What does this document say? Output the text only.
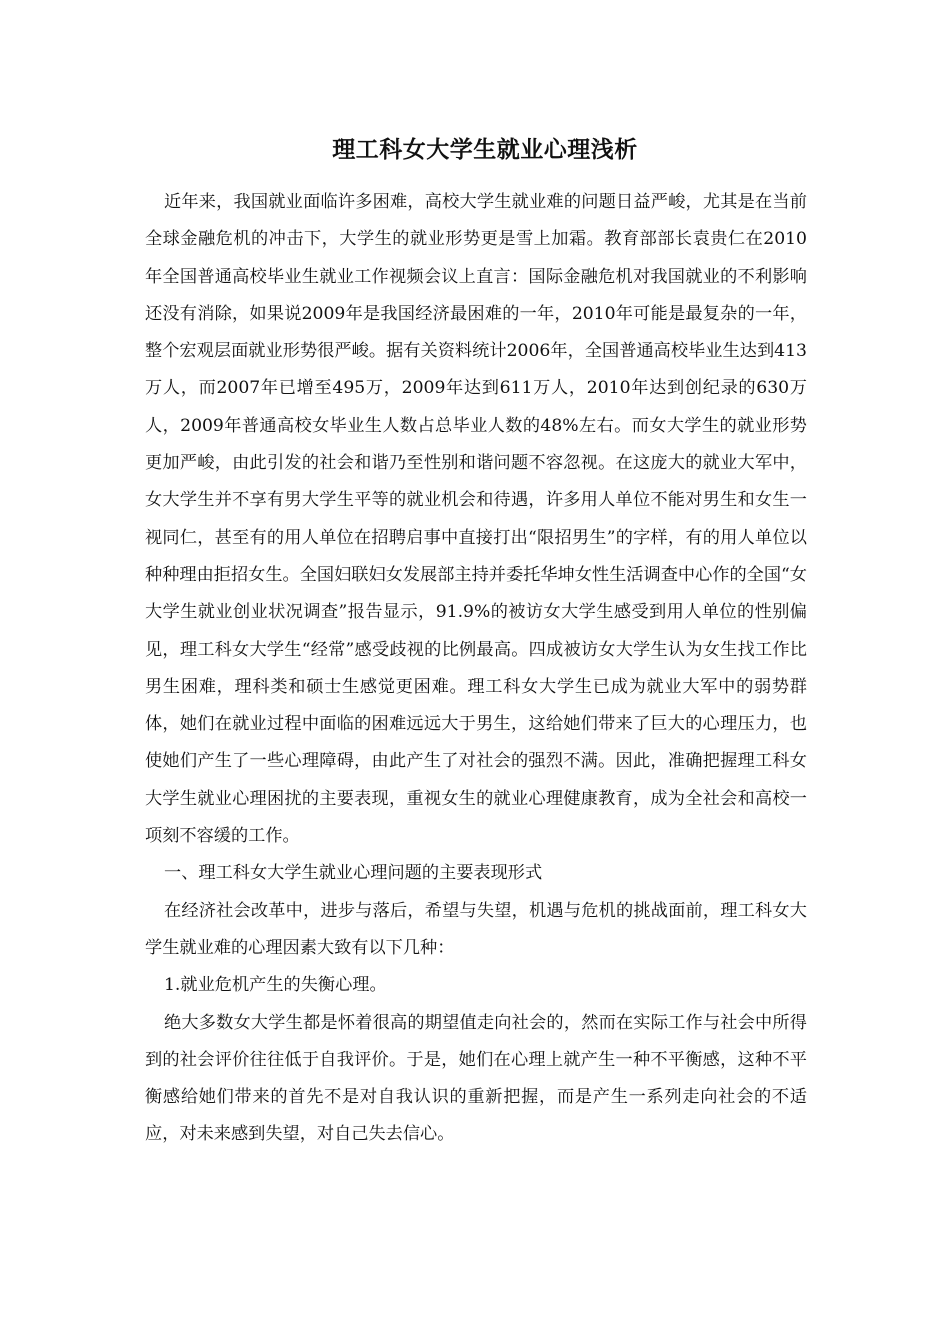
理工科女大学生就业心理浅析

近年来，我国就业面临许多困难，高校大学生就业难的问题日益严峻，尤其是在当前全球金融危机的冲击下，大学生的就业形势更是雪上加霜。教育部部长袁贵仁在2010年全国普通高校毕业生就业工作视频会议上直言：国际金融危机对我国就业的不利影响还没有消除，如果说2009年是我国经济最困难的一年，2010年可能是最复杂的一年，整个宏观层面就业形势很严峻。据有关资料统计2006年，全国普通高校毕业生达到413万人，而2007年已增至495万，2009年达到611万人，2010年达到创纪录的630万人，2009年普通高校女毕业生人数占总毕业人数的48%左右。而女大学生的就业形势更加严峻，由此引发的社会和谐乃至性别和谐问题不容忽视。在这庞大的就业大军中，女大学生并不享有男大学生平等的就业机会和待遇，许多用人单位不能对男生和女生一视同仁，甚至有的用人单位在招聘启事中直接打出“限招男生”的字样，有的用人单位以种种理由拒招女生。全国妇联妇女发展部主持并委托华坤女性生活调查中心作的全国“女大学生就业创业状况调查”报告显示，91.9%的被访女大学生感受到用人单位的性别偏见，理工科女大学生“经常”感受歧视的比例最高。四成被访女大学生认为女生找工作比男生困难，理科类和硕士生感觉更困难。理工科女大学生已成为就业大军中的弱势群体，她们在就业过程中面临的困难远远大于男生，这给她们带来了巨大的心理压力，也使她们产生了一些心理障碍，由此产生了对社会的强烈不满。因此，准确把握理工科女大学生就业心理困扰的主要表现，重视女生的就业心理健康教育，成为全社会和高校一项刻不容缓的工作。

一、理工科女大学生就业心理问题的主要表现形式

在经济社会改革中，进步与落后，希望与失望，机遇与危机的挑战面前，理工科女大学生就业难的心理因素大致有以下几种：

1.就业危机产生的失衡心理。

绝大多数女大学生都是怀着很高的期望值走向社会的，然而在实际工作与社会中所得到的社会评价往往低于自我评价。于是，她们在心理上就产生一种不平衡感，这种不平衡感给她们带来的首先不是对自我认识的重新把握，而是产生一系列走向社会的不适应，对未来感到失望，对自己失去信心。
